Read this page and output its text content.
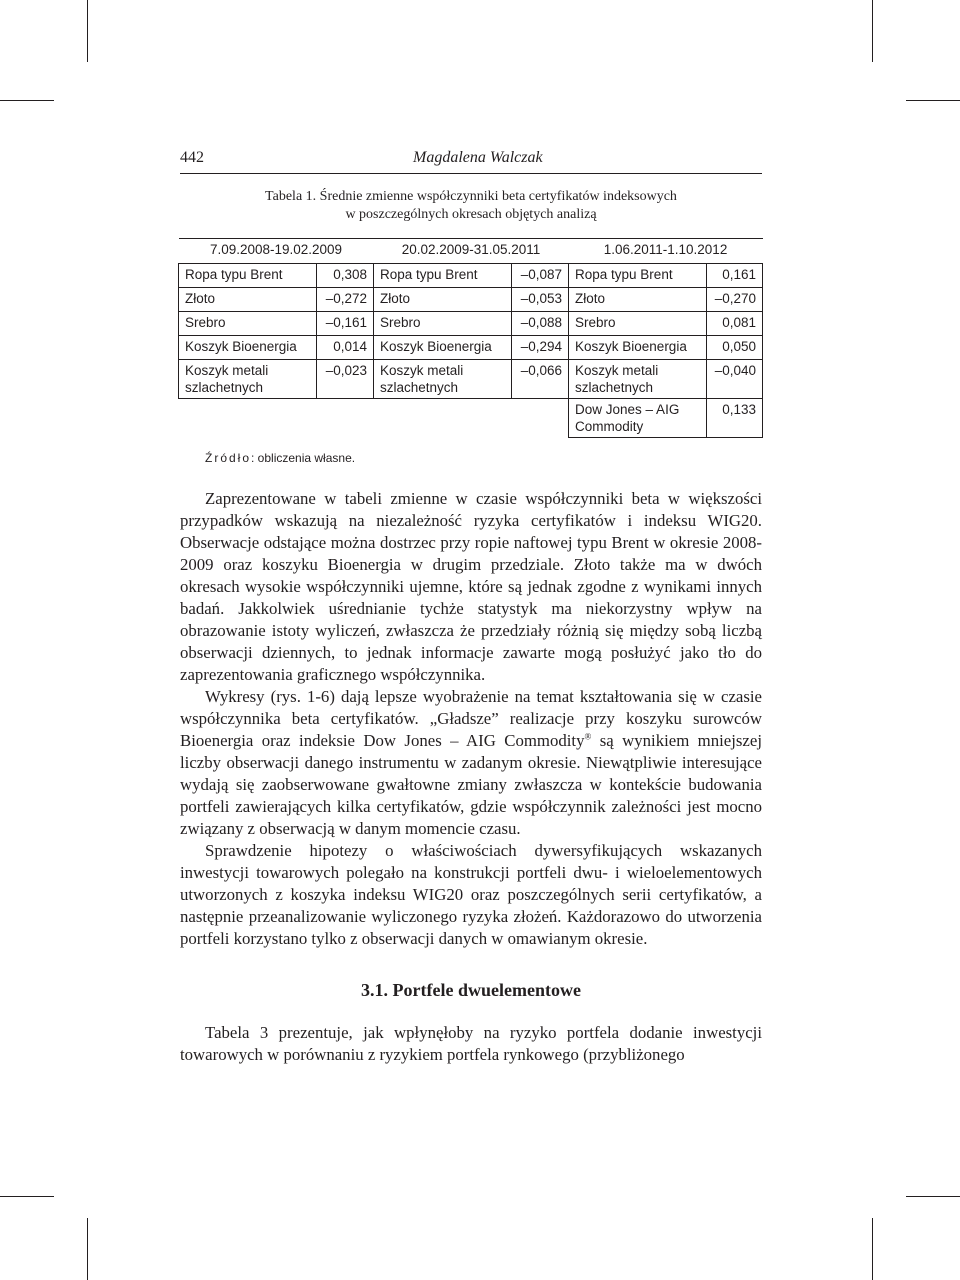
442	Magdalena Walczak
Tabela 1. Średnie zmienne współczynniki beta certyfikatów indeksowych
w poszczególnych okresach objętych analizą
7.09.2008-19.02.2009		20.02.2009-31.05.2011		1.06.2011-1.10.2012	
Ropa typu Brent	0,308	Ropa typu Brent	–0,087	Ropa typu Brent	0,161
Złoto	–0,272	Złoto	–0,053	Złoto	–0,270
Srebro	–0,161	Srebro	–0,088	Srebro	0,081
Koszyk Bioenergia	0,014	Koszyk Bioenergia	–0,294	Koszyk Bioenergia	0,050
Koszyk metali szlachetnych	–0,023	Koszyk metali szlachetnych	–0,066	Koszyk metali szlachetnych	–0,040
				Dow Jones – AIG Commodity	0,133
Źródło: obliczenia własne.

Zaprezentowane w tabeli zmienne w czasie współczynniki beta w większości przypadków wskazują na niezależność ryzyka certyfikatów i indeksu WIG20. Obserwacje odstające można dostrzec przy ropie naftowej typu Brent w okresie 2008-2009 oraz koszyku Bioenergia w drugim przedziale. Złoto także ma w dwóch okresach wysokie współczynniki ujemne, które są jednak zgodne z wynikami innych badań. Jakkolwiek uśrednianie tychże statystyk ma niekorzystny wpływ na obrazowanie istoty wyliczeń, zwłaszcza że przedziały różnią się między sobą liczbą obserwacji dziennych, to jednak informacje zawarte mogą posłużyć jako tło do zaprezentowania graficznego współczynnika.

Wykresy (rys. 1-6) dają lepsze wyobrażenie na temat kształtowania się w czasie współczynnika beta certyfikatów. „Gładsze” realizacje przy koszyku surowców Bioenergia oraz indeksie Dow Jones – AIG Commodity® są wynikiem mniejszej liczby obserwacji danego instrumentu w zadanym okresie. Niewątpliwie interesujące wydają się zaobserwowane gwałtowne zmiany zwłaszcza w kontekście budowania portfeli zawierających kilka certyfikatów, gdzie współczynnik zależności jest mocno związany z obserwacją w danym momencie czasu.

Sprawdzenie hipotezy o właściwościach dywersyfikujących wskazanych inwestycji towarowych polegało na konstrukcji portfeli dwu- i wieloelementowych utworzonych z koszyka indeksu WIG20 oraz poszczególnych serii certyfikatów, a następnie przeanalizowanie wyliczonego ryzyka złożeń. Każdorazowo do utworzenia portfeli korzystano tylko z obserwacji danych w omawianym okresie.

3.1. Portfele dwuelementowe

Tabela 3 prezentuje, jak wpłynęłoby na ryzyko portfela dodanie inwestycji towarowych w porównaniu z ryzykiem portfela rynkowego (przybliżonego
